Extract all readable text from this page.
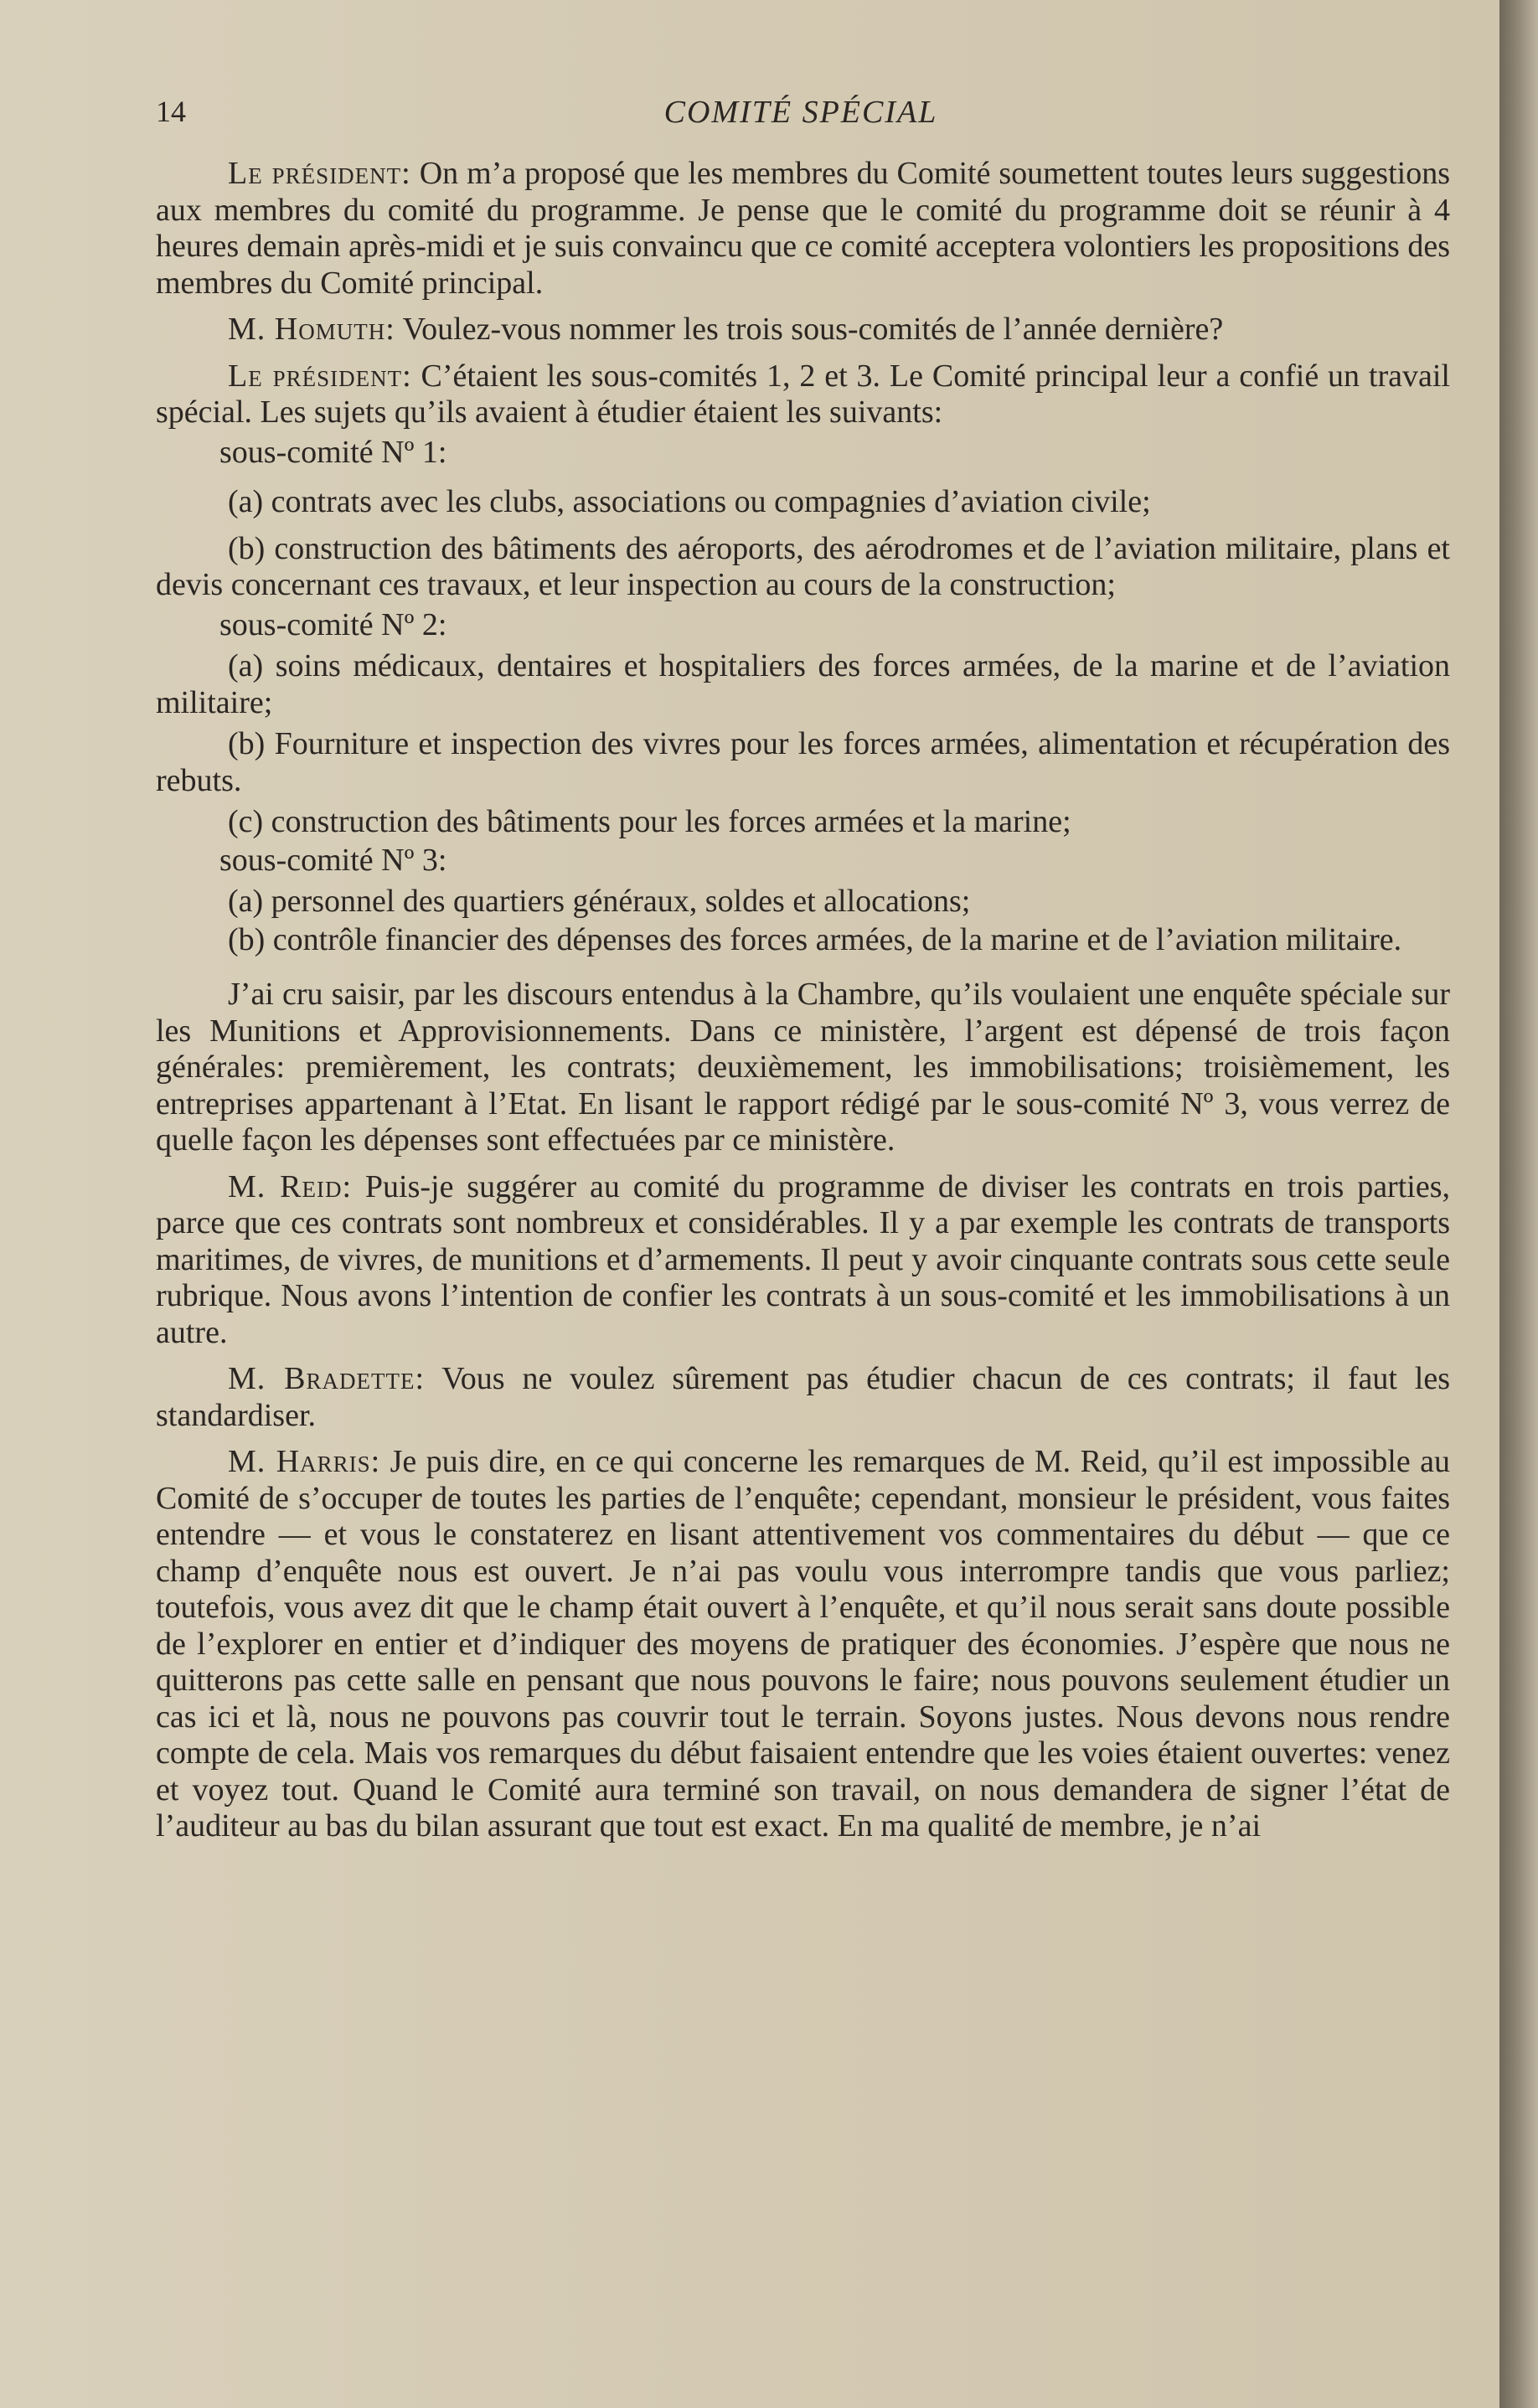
14	COMITÉ SPÉCIAL

Le président: On m’a proposé que les membres du Comité soumettent toutes leurs suggestions aux membres du comité du programme. Je pense que le comité du programme doit se réunir à 4 heures demain après-midi et je suis convaincu que ce comité acceptera volontiers les propositions des membres du Comité principal.

M. Homuth: Voulez-vous nommer les trois sous-comités de l’année dernière?

Le président: C’étaient les sous-comités 1, 2 et 3. Le Comité principal leur a confié un travail spécial. Les sujets qu’ils avaient à étudier étaient les suivants:

sous-comité Nº 1:

(a) contrats avec les clubs, associations ou compagnies d’aviation civile;

(b) construction des bâtiments des aéroports, des aérodromes et de l’aviation militaire, plans et devis concernant ces travaux, et leur inspection au cours de la construction;

sous-comité Nº 2:

(a) soins médicaux, dentaires et hospitaliers des forces armées, de la marine et de l’aviation militaire;

(b) Fourniture et inspection des vivres pour les forces armées, alimentation et récupération des rebuts.

(c) construction des bâtiments pour les forces armées et la marine;

sous-comité Nº 3:

(a) personnel des quartiers généraux, soldes et allocations;

(b) contrôle financier des dépenses des forces armées, de la marine et de l’aviation militaire.

J’ai cru saisir, par les discours entendus à la Chambre, qu’ils voulaient une enquête spéciale sur les Munitions et Approvisionnements. Dans ce ministère, l’argent est dépensé de trois façon générales: premièrement, les contrats; deuxièmement, les immobilisations; troisièmement, les entreprises appartenant à l’Etat. En lisant le rapport rédigé par le sous-comité Nº 3, vous verrez de quelle façon les dépenses sont effectuées par ce ministère.

M. Reid: Puis-je suggérer au comité du programme de diviser les contrats en trois parties, parce que ces contrats sont nombreux et considérables. Il y a par exemple les contrats de transports maritimes, de vivres, de munitions et d’armements. Il peut y avoir cinquante contrats sous cette seule rubrique. Nous avons l’intention de confier les contrats à un sous-comité et les immobilisations à un autre.

M. Bradette: Vous ne voulez sûrement pas étudier chacun de ces contrats; il faut les standardiser.

M. Harris: Je puis dire, en ce qui concerne les remarques de M. Reid, qu’il est impossible au Comité de s’occuper de toutes les parties de l’enquête; cependant, monsieur le président, vous faites entendre — et vous le constaterez en lisant attentivement vos commentaires du début — que ce champ d’enquête nous est ouvert. Je n’ai pas voulu vous interrompre tandis que vous parliez; toutefois, vous avez dit que le champ était ouvert à l’enquête, et qu’il nous serait sans doute possible de l’explorer en entier et d’indiquer des moyens de pratiquer des économies. J’espère que nous ne quitterons pas cette salle en pensant que nous pouvons le faire; nous pouvons seulement étudier un cas ici et là, nous ne pouvons pas couvrir tout le terrain. Soyons justes. Nous devons nous rendre compte de cela. Mais vos remarques du début faisaient entendre que les voies étaient ouvertes: venez et voyez tout. Quand le Comité aura terminé son travail, on nous demandera de signer l’état de l’auditeur au bas du bilan assurant que tout est exact. En ma qualité de membre, je n’ai
